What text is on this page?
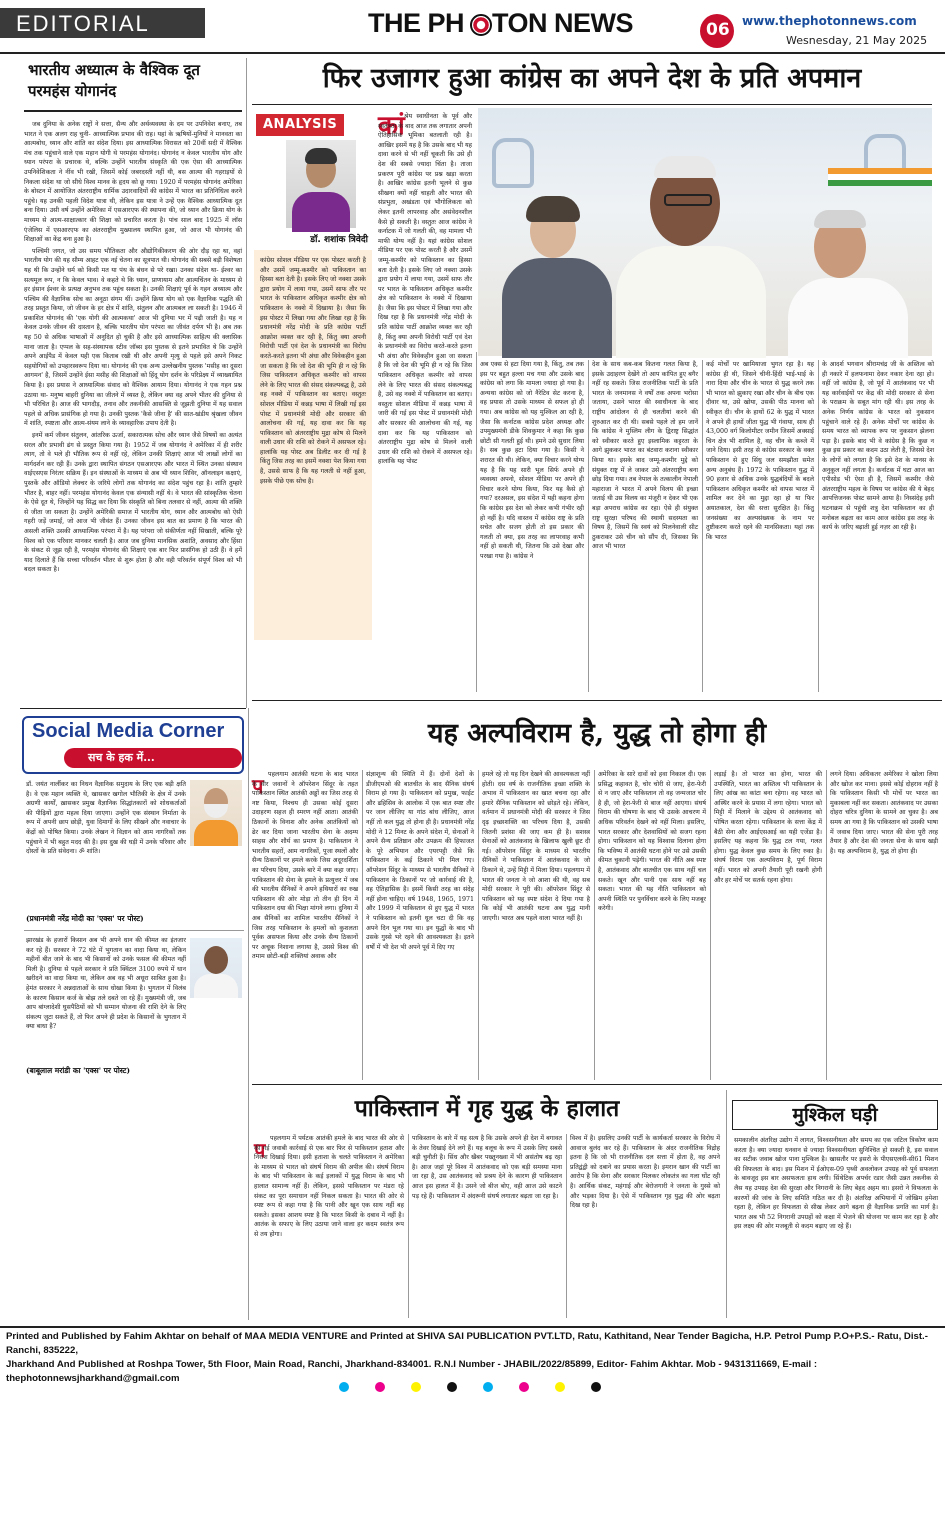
EDITORIAL	THE PH TON NEWS	06 www.thephotonnews.com
Wesnesday, 21 May 2025
भारतीय अध्यात्म के वैश्विक दूत परमहंस योगानंद

जब दुनिया के अनेक राष्ट्रों ने सत्ता, सैन्य और अर्थव्यवस्था के दम पर उपनिवेश बनाए, तब भारत ने एक अलग राह चुनी- आध्यात्मिक प्रभाव की राह। यहां के ऋषियों-मुनियों ने मानवता का आत्मबोध, ध्यान और शांति का संदेश दिया। इस आध्यात्मिक विरासत को 20वीं सदी में वैश्विक मंच तक पहुंचाने वाले एक महान योगी थे परमहंस योगानंद। योगानंद न केवल भारतीय योग और ध्यान परंपरा के प्रचारक थे, बल्कि उन्होंने भारतीय संस्कृति की एक ऐसा की आध्यात्मिक उपनिवेशिकता ने नींव भी रखी, जिसमें कोई जबरदस्ती नहीं थी, बस आत्मा की गहराइयों से निकला संदेश था जो सीधे विश्व मानव के हृदय को छू गया। 1920 में परमहंस योगानंद अमेरिका के बोस्टन में आयोजित अंतरराष्ट्रीय धार्मिक उदारवादियों की कांग्रेस में भारत का प्रतिनिधित्व करने पहुंचे। यह उनकी पहली विदेश यात्रा थी, लेकिन इस यात्रा ने उन्हें एक वैश्विक आध्यात्मिक दूत बना दिया। उसी वर्ष उन्होंने अमेरिका में एसआरएफ की स्थापना की, जो ध्यान और क्रिया योग के माध्यम से आत्म-साक्षात्कार की शिक्षा को प्रचारित करता है। पांच साल बाद 1925 में लॉस एंजेलिस में एसआरएफ का अंतरराष्ट्रीय मुख्यालय स्थापित हुआ, जो आज भी योगानंद की शिक्षाओं का केंद्र बना हुआ है।

पश्चिमी जगत, जो उस समय भौतिकता और औद्योगिकीकरण की ओर दौड़ रहा था, वहां भारतीय योग की यह सौम्य आहट एक नई चेतना का सूत्रपात थी। योगानंद की सबसे बड़ी विशेषता यह थी कि उन्होंने धर्म को किसी मत या पंथ के बंधन से परे रखा। उनका संदेश था- ईश्वर का सत्यमूल रूप, न कि केवल भाव। वे कहते थे कि ध्यान, प्राणायाम और आत्मचिंतन के माध्यम से हर इंसान ईश्वर के प्रत्यक्ष अनुभव तक पहुंच सकता है। उनकी शिक्षाएं पूर्व के गहन अध्यात्म और पश्चिम की वैज्ञानिक सोच का अनूठा संगम थीं। उन्होंने क्रिया योग को एक वैज्ञानिक पद्धति की तरह प्रस्तुत किया, जो जीवन के हर क्षेत्र में शांति, संतुलन और आत्मबल ला सकती है। 1946 में प्रकाशित योगानंद की 'एक योगी की आत्मकथा' आज भी दुनिया भर में पढ़ी जाती है। यह न केवल उनके जीवन की दास्तान है, बल्कि भारतीय योग परंपरा का जीवंत दर्पण भी है। अब तक यह 50 से अधिक भाषाओं में अनूदित हो चुकी है और इसे आध्यात्मिक साहित्य की क्लासिक माना जाता है। एप्पल के सह-संस्थापक स्टीव जॉब्स इस पुस्तक से इतने प्रभावित थे कि उन्होंने अपने आईपैड में केवल यही एक किताब रखी थी और अपनी मृत्यु से पहले इसे अपने निकट सहयोगियों को उपहारस्वरूप दिया था। योगानंद की एक अन्य उल्लेखनीय पुस्तक 'मसीह का दूसरा आगमन' है, जिसमें उन्होंने ईसा मसीह की शिक्षाओं को हिंदू योग दर्शन के परिप्रेक्ष्य में व्याख्यायित किया है। इस प्रयास ने आध्यात्मिक संवाद को वैश्विक आयाम दिया। योगानंद ने एक गहन प्रश्न उठाया था- मनुष्य बाहरी दुनिया का जीतने में व्यस्त है, लेकिन क्या वह अपने भीतर की दुनिया से भी परिचित है। आज की भागदौड़, तनाव और तकनीकी आसक्ति से जूझती दुनिया में यह सवाल पहले से अधिक प्रासंगिक हो गया है। उनकी पुस्तक 'कैसे जीना है' की सात-खंडीय श्रृंखला जीवन में शांति, स्पष्टता और आत्म-संयम लाने के व्यावहारिक उपाय देती है।

इनमें कर्म जीवन संतुलन, आंतरिक ऊर्जा, सकारात्मक सोच और ध्यान जैसे विषयों का अत्यंत सरल और प्रभावी ढंग से प्रस्तुत किया गया है। 1952 में जब योगानंद ने अमेरिका में ही शरीर त्याग, तो वे भले ही भौतिक रूप से नहीं रहे, लेकिन उनकी शिक्षाएं आज भी लाखों लोगों का मार्गदर्शन कर रही हैं। उनके द्वारा स्थापित संगठन एसआरएफ और भारत में स्थित उनका संस्थान वाईएसएस निरंतर सक्रिय हैं। इन संस्थाओं के माध्यम से अब भी ध्यान शिविर, ऑनलाइन कक्षाएं, पुस्तकें और ऑडियो लेक्चर के जरिये लोगों तक योगानंद का संदेश पहुंच रहा है। शांति तुम्हारे भीतर है, बाहर नहीं। परमहंस योगानंद केवल एक संन्यासी नहीं थे। वे भारत की सांस्कृतिक चेतना के ऐसे दूत थे, जिन्होंने यह सिद्ध कर दिया कि संस्कृति को बिना तलवार से नहीं, आत्मा की शक्ति से जीता जा सकता है। उन्होंने अमेरिकी समाज में भारतीय योग, ध्यान और आत्मबोध को ऐसी गहरी जड़ें जमाईं, जो आज भी जीवंत हैं। उनका जीवन इस बात का प्रमाण है कि भारत की असली शक्ति उसकी आध्यात्मिक परंपरा में है। यह परंपरा जो संकीर्णता नहीं सिखाती, बल्कि पूरे विश्व को एक परिवार मानकर चलती है। आज जब दुनिया मानसिक अशांति, अवसाद और हिंसा के संकट से जूझ रही है, परमहंस योगानंद की शिक्षाएं एक बार फिर प्रासंगिक हो उठी हैं। वे हमें याद दिलाते हैं कि सच्चा परिवर्तन भीतर से शुरू होता है और वही परिवर्तन संपूर्ण विश्व को भी बदल सकता है।

फिर उजागर हुआ कांग्रेस का अपने देश के प्रति अपमान
ANALYSIS
डॉ. शशांक त्रिवेदी
कांग्रेस सोशल मीडिया पर एक पोस्टर करती है और उसमें जम्मू-कश्मीर को पाकिस्तान का हिस्सा बता देती है। इसके लिए जो नक्शा उसके द्वारा प्रयोग में लाया गया, उसमें साफ तौर पर भारत के पाकिस्तान अधिकृत कश्मीर क्षेत्र को पाकिस्तान के नक्शे में दिखाया है। जैसा कि इस पोस्टर में लिखा गया और लिखा रहा है कि प्रधानमंत्री नरेंद्र मोदी के प्रति कांग्रेस पार्टी आक्रोश व्यक्त कर रही है, किंतु क्या अपनी विरोधी पार्टी एवं देश के प्रधानमंत्री का विरोध करते-करते इतना भी अंधा और विवेकहीन हुआ जा सकता है कि जो देश की भूमि ही न रहे कि जिस पाकिस्तान अधिकृत कश्मीर को वापस लेने के लिए भारत की संसद संकल्पबद्ध है, उसे वह नक्शे में पाकिस्तान का बताए। वस्तुतः सोशल मीडिया में कन्नड़ भाषा में लिखी गई इस पोस्ट में प्रधानमंत्री मोदी और सरकार की आलोचना की गई, यह दावा कर कि यह पाकिस्तान को अंतरराष्ट्रीय मुद्रा कोष से मिलने वाली उधार की राशि को रोकने में असफल रहे। हालांकि यह पोस्ट अब डिलीट कर दी गई है किंतु जिस तरह का इसमें नक्शा पेश किया गया है, उससे साफ है कि यह गलती से नहीं हुआ, इसके पीछे एक सोच है।
कां श्रेय स्वाधीनता के पूर्व और स्वतंत्रता के बाद आज तक लगातार अपनी ऐतिहासिक भूमिका बतलाती रही है। आखिर इसमें यह है कि उसके बाद भी यह दावा करने से भी नहीं चूकती कि उसे ही देश की सबसे ज्यादा चिंता है। ताजा प्रकरण पूरी कांग्रेस पर प्रश्न खड़ा करता है। आखिर कांग्रेस इतनी भूलने से कुछ सीखना क्यों नहीं चाहती और भारत की संप्रभुता, अखंडता एवं भौगोलिकता को लेकर इतनी लापरवाह और असंवेदनशील कैसे हो सकती है। वस्तुतः आज कांग्रेस ने कर्नाटक में जो गलती की, वह मामला भी माफी योग्य नहीं है। यहां कांग्रेस सोशल मीडिया पर एक पोस्ट करती है और उसमें जम्मू-कश्मीर को पाकिस्तान का हिस्सा बता देती है। इसके लिए जो नक्शा उसके द्वारा प्रयोग में लाया गया, उसमें साफ तौर पर भारत के पाकिस्तान अधिकृत कश्मीर क्षेत्र को पाकिस्तान के नक्शे में दिखाया है। जैसा कि इस पोस्टर में लिखा गया और दिख रहा है कि प्रधानमंत्री नरेंद्र मोदी के प्रति कांग्रेस पार्टी आक्रोश व्यक्त कर रही है, किंतु क्या अपनी विरोधी पार्टी एवं देश के प्रधानमंत्री का विरोध करते-करते इतना भी अंधा और विवेकहीन हुआ जा सकता है कि जो देश की भूमि ही न रहे कि जिस पाकिस्तान अधिकृत कश्मीर को वापस लेने के लिए भारत की संसद संकल्पबद्ध है, उसे वह नक्शे में पाकिस्तान का बताए। वस्तुतः सोशल मीडिया में कन्नड़ भाषा में जारी की गई इस पोस्ट में प्रधानमंत्री मोदी और सरकार की आलोचना की गई, यह दावा कर कि यह पाकिस्तान को अंतरराष्ट्रीय मुद्रा कोष से मिलने वाली उधार की राशि को रोकने में असफल रहे। हालांकि यह पोस्ट
अब एक्स से हटा दिया गया है, किंतु, तब तक इस पर बहुत हल्ला मच गया और उसके बाद कांग्रेस को लगा कि मामला ज्यादा हो गया है। अन्यथा कांग्रेस को जो नैरेटिव सेट करना है, वह प्रयास तो उसके माध्यम से सफल हो ही गया। अब कांग्रेस को यह मुश्किल आ रही है, जैसा कि कर्नाटक कांग्रेस प्रदेश अध्यक्ष और उपमुख्यमंत्री डीके शिवकुमार ने कहा कि कुछ छोटी सी गलती हुई थी। हमने उसे सुधार लिया है। सब कुछ हटा दिया गया है। किसी ने शरारत की थी। लेकिन, क्या विचार करने योग्य यह है कि यह सारी भूल सिर्फ अपने ही व्यवस्था अपनो, सोशल मीडिया पर अपने ही विचार करने योग्य किया, फिर यह कैसे हो गया? दरअसल, इस संदेश में यही कहना होगा कि कांग्रेस इस देश को लेकर कभी गंभीर रही हो नहीं है। यदि वास्तव में कांग्रेस राष्ट्र के प्रति सचेत और सजग होती तो इस प्रकार की गलती तो क्या, इस तरह का लापरवाह कभी नहीं हो सकती थी, जितना कि उसे देखा और परखा गया है। कांग्रेस ने
देश के साथ कब-कब कितना गलत किया है, इसके उदाहरण देखेंगे तो आप कांपित हुए बगैर नहीं रह सकते। जिस राजनीतिक पार्टी के प्रति भारत के जनमानस ने वर्षों तक अपना भरोसा जताया, उसने भारत की स्वाधीनता के बाद राष्ट्रीय आंदोलन से ही चलतीयां करने की शुरुआत कर दी थी। सबसे पहले तो हम जानें कि कांग्रेस ने मुस्लिम लीग के द्विराष्ट्र सिद्धांत को स्वीकार करते हुए इस्लामिक कट्टरता के आगे झुककर भारत का बंटवारा कराना स्वीकार किया था। इसके बाद जम्मू-कश्मीर मुद्दे को संयुक्त राष्ट्र में ले जाकर उसे अंतरराष्ट्रीय बना छोड़ दिया गया। तब नेपाल के तत्कालीन नेपाली महाराजा ने भारत में अपने विलय की इच्छा जताई थी उस विलय का मंजूरी न देकर भी एक बड़ा अपराध कांग्रेस का रहा। ऐसे ही संयुक्त राष्ट्र सुरक्षा परिषद की स्थायी सदस्यता का विषय है, जिसमें कि स्वयं को मिलनेवाली सीट ठुकराकर उसे चीन को सौंप दी, जिसका कि आज भी भारत
कई मोर्चों पर खामियाजा भुगत रहा है। यह कांग्रेस ही थी, जिसने चीनी-हिंदी भाई-भाई के नारा दिया और चीन के भारत से युद्ध करने तक भी भारत को झुकाए रखा और चीन के बीच एक दीवार था, उसे खोया, उसकी पीठ मानना को स्वीकृत दी। चीन के हाथों 62 के युद्ध में भारत ने अपने ही हाथों जीता युद्ध भी गंवाया, साथ ही 43,000 वर्ग किलोमीटर जमीन जिसमें अक्साई चिन क्षेत्र भी शामिल है, वह चीन के कब्जे में जाने दिया। इसी तरह से कांग्रेस सरकार के वक्त पाकिस्तान से हुए सिंधु जल समझौता समेत अन्य अनुबंध हैं। 1972 के पाकिस्तान युद्ध में 90 हजार से अधिक उनके युद्धबंदियों के बदले पाकिस्तान अधिकृत कश्मीर को वापस भारत में शामिल कर देने का मुद्दा रहा हो या फिर अयातकाल, देश की सत्ता सुरक्षित है। किंतु जनसंख्या का अल्पसंख्यक के नाम पर तुष्टीकरण करते रहने की मानसिकता। यहां तक कि भारत
के आदर्श भगवान श्रीरामचंद्र जी के अस्तित्व को ही नकारे में हलफनामा देकर नकार देना रहा हो। वहीं जो कांग्रेस है, जो पूर्व में आतंकवाद पर भी यह कार्रवाईयों पर केंद्र की मोदी सरकार से सेना के पराक्रम के सबूत मांग रही थी। इस तरह के अनेक निर्णय कांग्रेस के भारत को नुकसान पहुंचाने वाले रहे हैं। अनेक मोर्चों पर कांग्रेस के समय भारत को व्यापक रूप पर नुकसान झेलना पड़ा है। इसके बाद भी वे कांग्रेस है कि कुछ न कुछ इस प्रकार का कदम उठा लेती है, जिससे देश के लोगों को लगता है कि इसे देश के मानस के अनुकूल नहीं लगता है। कर्नाटक में घटा आज का एपीसोड भी ऐसा ही है, जिसमें कश्मीर जैसे अंतरराष्ट्रीय महत्व के विषय पर कांग्रेस की ये बेहद आपत्तिजनक पोस्ट सामने आया है। निस्संदेह इसी घटनाक्रम से पहुंची शत्रु देश पाकिस्तान का ही मनोबल बढ़ता का काम आज कांग्रेस इस तरह के कार्य के जरिए बढ़ाती हुई नज़र आ रही है।
यह अल्पविराम है, युद्ध तो होगा ही
प पहलगाम आतंकी घटना के बाद भारत के वीर जवानों ने ऑपरेशन सिंदूर के तहत पाकिस्तान स्थित आतंकी अड्डों का जिस तरह से नष्ट किया, निश्चय ही उसका कोई दूसरा उदाहरण सहज ही स्मरण नहीं आता। आतंकी ठिकानों के विनाश और अनेक आतंकियों को ढेर कर दिया जाना भारतीय सेना के अदम्य साहस और शौर्य का प्रमाण है। पाकिस्तान ने भारतीय सहरों, आम नागरिकों, पूजा स्थलों और सैन्य ठिकानों पर हमले करके जिस अदूरदर्शिता का परिचय दिया, उसके बारे में क्या कहा जाए। पाकिस्तान की सेना के हमले के प्रत्युत्तर में जब की भारतीय सैनिकों ने अपने हथियारों का रुख पाकिस्तान की ओर मोड़ा तो तीन ही दिन में पाकिस्तान दया की भिक्षा मांगने लगा। दुनिया में अब सैनिकों का शामिल भारतीय सैनिकों ने जिस तरह पाकिस्तान के हमलों को कुशलता पूर्वक असफल किया और उनके सैन्य ठिकानों पर अचूक निशाना लगाया है, उससे विश्व की तमाम छोटी-बड़ी शक्तियां अवाक और
संज्ञाशून्य की स्थिति में हैं। दोनों देशों के डीजीएमओ की बातचीत के बाद सैनिक संघर्ष विराम हो गया है। पाकिस्तान को प्रमुख, फाईट और ढहिसिव के आलोक में एक बात स्पष्ट तौर पर जान लीजिए या गांठ बांध लीजिए, आज नहीं तो कल युद्ध तो होना ही है। प्रधानमंत्री नरेंद्र मोदी ने 12 मिनट के अपने संदेश में, सेनाओं ने अपने सैन्य प्रतिष्ठान और उपक्रम की हिफाजत के पूरे अभियान और एयरपट्टी जैसे कि पाकिस्तान के कई ठिकाने भी मिल गए। ऑपरेशन सिंदूर के माध्यम से भारतीय सैनिकों ने पाकिस्तान के ठिकानों पर जो कार्रवाई की है, वह ऐतिहासिक है। इसमें किसी तरह का संदेह नहीं होना चाहिए। वर्ष 1948, 1965, 1971 और 1999 में पाकिस्तान से हुए युद्ध में भारत ने पाकिस्तान को इतनी धूल चटा दी कि वह अपने दिन भूल गया था। इन युद्धों के बाद भी उसके गुस्से भरे रहने की आवश्यकता है। इतने वर्षों में भी देश भी अपने पूर्व में दिए गए
हमले रहे तो यह दिन देखने की आवश्यकता नहीं होती। दस वर्ष के राजनीतिक इच्छा शक्ति के अभाव में पाकिस्तान का खात बचना रहा और हमारे सैनिक पाकिस्तान को छोड़ते रहे। लेकिन, वर्तमान में प्रधानमंत्री मोदी की सरकार ने जिस दृढ़ इच्छाशक्ति का परिचय दिया है, उसकी जितनी प्रशंसा की जाए कम ही है। सशस्त्र सेनाओं को आतंकवाद के खिलाफ खुली छूट दी गई। ऑपरेशन सिंदूर के माध्यम से भारतीय सैनिकों ने पाकिस्तान में आतंकवाद के जो ठिकाने थे, उन्हें मिट्टी में मिला दिया। पहलगाम में भारत की जनता ने जो आशा की थी, वह सब मोदी सरकार ने पूरी की। ऑपरेशन सिंदूर से पाकिस्तान को यह स्पष्ट संदेश दे दिया गया है कि कोई भी आतंकी घटना अब युद्ध मानी जाएगी। भारत अब पहले वाला भारत नहीं है।
अमेरिका के सारे दावों को हवा निकाल दी। एक प्रसिद्ध कहावत है, चोर चोरी से जाए, हेरा-फेरी से न जाए और पाकिस्तान तो वह जन्मजात चोर है ही, जो हेरा-फेरी से बाज नहीं आएगा। संघर्ष विराम की घोषणा के बाद भी उसके आचरण में अधिक परिवर्तन देखने को नहीं मिला। इसलिए, भारत सरकार और देशवासियों को सजग रहना होगा। पाकिस्तान को यह विश्वास दिलाना होगा कि भविष्य में आतंकी घटना होने पर उसे उसकी कीमत चुकानी पड़ेगी। भारत की नीति अब स्पष्ट है, आतंकवाद और बातचीत एक साथ नहीं चल सकते। खून और पानी एक साथ नहीं बह सकता। भारत की यह नीति पाकिस्तान को अपनी स्थिति पर पुनर्विचार करने के लिए मजबूर करेगी।
लड़ाई है। तो भारत का होना, भारत की उपस्थिति, भारत का अस्तित्व भी पाकिस्तान के लिए आंख का कांटा बना रहेगा। वह भारत को अस्थिर करने के प्रयास में लगा रहेगा। भारत को मिट्टी में मिलाने के उद्देश्य से आतंकवाद को पोषित करता रहेगा। पाकिस्तान के सत्ता केंद्र में बैठी सेना और आईएसआई का यही एजेंडा है। इसलिए यह कहना कि युद्ध टल गया, गलत होगा। युद्ध केवल कुछ समय के लिए रुका है। संघर्ष विराम एक अल्पविराम है, पूर्ण विराम नहीं। भारत को अपनी तैयारी पूरी रखनी होगी और हर मोर्चे पर सतर्क रहना होगा।
लगने दिया। अधिकतर अमेरिका ने खोला लिया और खोज कर माना। इससे कोई दोहराव नहीं है कि पाकिस्तान किसी भी मोर्चे पर भारत का मुकाबला नहीं कर सकता। आतंकवाद पर उसका दोहरा चरित्र दुनिया के सामने आ चुका है। अब समय आ गया है कि पाकिस्तान को उसकी भाषा में जवाब दिया जाए। भारत की सेना पूरी तरह तैयार है और देश की जनता सेना के साथ खड़ी है। यह अल्पविराम है, युद्ध तो होगा ही।
Social Media Corner
सच के हक में...
डॉ. जयंत नार्लीकर का निधन वैज्ञानिक समुदाय के लिए एक बड़ी क्षति है। वे एक महान व्यक्ति थे, खासकर खगोल भौतिकी के क्षेत्र में उनके अग्रणी कार्यों, ख़ासकर प्रमुख वैज्ञानिक सिद्धांतकारों को शोधकर्ताओं की पीढ़ियों द्वारा महत्व दिया जाएगा। उन्होंने एक संस्थान निर्माता के रूप में अपनी छाप छोड़ी, युवा दिमागों के लिए सीखने और नवाचार के केंद्रों को पोषित किया। उनके लेखन ने विज्ञान को आम नागरिकों तक पहुंचाने में भी बहुत मदद की है। इस दुख की घड़ी में उनके परिवार और दोस्तों के प्रति संवेदना। ॐ शांति।
(प्रधानमंत्री नरेंद्र मोदी का 'एक्स' पर पोस्ट)
झारखंड के हजारों किसान अब भी अपने धान की कीमत का इंतजार कर रहे हैं। सरकार ने 72 घंटे में भुगतान का वादा किया था, लेकिन महीनों बीत जाने के बाद भी किसानों को उनके फसल की कीमत नहीं मिली है। दुनिया से पहले सरकार ने प्रति क्विंटल 3100 रुपये में धान खरीदने का वादा किया था, लेकिन अब वह भी अधूरा साबित हुआ है। हेमंत सरकार ने अन्नदाताओं के साथ धोखा किया है। भुगतान में विलंब के कारण किसान कर्ज के बोझ तले दबते जा रहे हैं। मुख्यमंत्री जी, जब आप बांग्लादेशी घुसपैठियों को भी सम्मान योजना की राशि देने के लिए संकल्प जुटा सकते हैं, तो फिर अपने ही प्रदेश के किसानों के भुगतान में क्या बाधा है?
(बाबूलाल मरांडी का 'एक्स' पर पोस्ट)
पाकिस्तान में गृह युद्ध के हालात
प पहलगाम में पर्यटक आतंकी हमले के बाद भारत की ओर से की गई जवाबी कार्रवाई से एक बार फिर से पाकिस्तान हताश और निराश दिखाई दिया। इसी हताशा के चलते पाकिस्तान ने अमेरिका के माध्यम से भारत को संघर्ष विराम की अपील की। संघर्ष विराम के बाद भी पाकिस्तान के कई इलाकों में युद्ध विराम के बाद भी हालात सामान्य नहीं हैं। लेकिन, इससे पाकिस्तान पर मंडरा रहे संकट का पूरा समाधान नहीं निकल सकता है। भारत की ओर से स्पष्ट रूप से कहा गया है कि पानी और खून एक साथ नहीं बह सकते। इसका आशय स्पष्ट है कि भारत किसी के दबाव में नहीं है। आतंक के सफाए के लिए उठाया जाने वाला हर कदम स्वतंत्र रूप से तय होगा।
पाकिस्तान के बारे में यह सत्य है कि उसके अपने ही देश में बगावत के तेवर दिखाई देने लगे हैं। यह बलूच के रूप में उसके लिए सबसे बड़ी चुनौती है। सिंध और खैबर पख्तूनख्वा में भी असंतोष बढ़ रहा है। आज जहां पूरे विश्व में आतंकवाद को एक बड़ी समस्या माना जा रहा है, उस आतंकवाद को प्रश्रय देने के कारण ही पाकिस्तान आज इस हालत में है। उसने जो बीज बोए, वही आज उसे काटने पड़ रहे हैं। पाकिस्तान में अंदरूनी संघर्ष लगातार बढ़ता जा रहा है।
विश्व में है। इसलिए उनकी पार्टी के कार्यकर्ता सरकार के विरोध में आवाज बुलंद कर रहे हैं। पाकिस्तान के अंदर राजनीतिक विद्रोह इतना है कि जो भी राजनीतिक दल सत्ता में होता है, वह अपने प्रतिद्वंद्वी को दबाने का प्रयास करता है। इमरान खान की पार्टी का आरोप है कि सेना और सरकार मिलकर लोकतंत्र का गला घोंट रही है। आर्थिक संकट, महंगाई और बेरोजगारी ने जनता के गुस्से को और भड़का दिया है। ऐसे में पाकिस्तान गृह युद्ध की ओर बढ़ता दिख रहा है।
मुश्किल घड़ी
समकालीन अंतरिक्ष उद्योग में लागत, विश्वसनीयता और समय का एक जटिल त्रिकोण काम करता है। क्या ज्यादा धनवान से ज्यादा विश्वसनीयता सुनिश्चित हो सकती है, इस सवाल का सटीक जवाब खोज पाना मुश्किल है। खासतौर पर इसरो के पीएसएलवी-सी61 मिशन की विफलता के बाद। इस मिशन में ईओएस-09 पृथ्वी अवलोकन उपग्रह को पूर्व सफलता के बावजूद इस बार असफलता हाथ लगी। सिंथेटिक अपर्चर रडार जैसी उन्नत तकनीक से लैस यह उपग्रह देश की सुरक्षा और निगरानी के लिए बेहद अहम था। इसरो ने विफलता के कारणों की जांच के लिए समिति गठित कर दी है। अंतरिक्ष अभियानों में जोखिम हमेशा रहता है, लेकिन हर विफलता से सीख लेकर आगे बढ़ना ही वैज्ञानिक प्रगति का मार्ग है। भारत अब भी 52 निगरानी उपग्रहों को कक्षा में भेजने की योजना पर काम कर रहा है और इस लक्ष्य की ओर मजबूती से कदम बढ़ाए जा रहे हैं।
Printed and Published by Fahim Akhtar on behalf of MAA MEDIA VENTURE and Printed at SHIVA SAI PUBLICATION PVT.LTD, Ratu, Kathitand, Near Tender Bagicha, H.P. Petrol Pump P.O+P.S.- Ratu, Dist.-Ranchi, 835222,
Jharkhand And Published at Roshpa Tower, 5th Floor, Main Road, Ranchi, Jharkhand-834001. R.N.I Number - JHABIL/2022/85899, Editor- Fahim Akhtar. Mob - 9431311669, E-mail : thephotonnewsjharkhand@gmail.com
